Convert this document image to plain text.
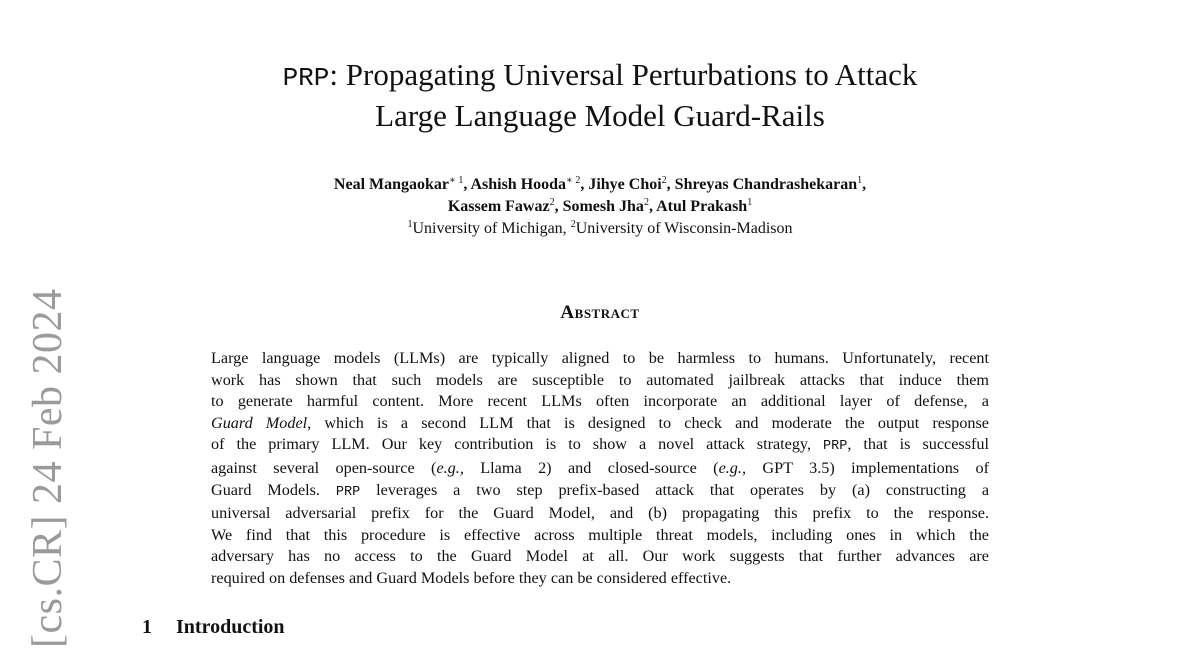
[cs.CR] 24 Feb 2024
PRP: Propagating Universal Perturbations to Attack
Large Language Model Guard-Rails
Neal Mangaokar$^{∗ 1}$, Ashish Hooda$^{∗ 2}$, Jihye Choi$^2$, Shreyas Chandrashekaran$^1$,
Kassem Fawaz$^2$, Somesh Jha$^2$, Atul Prakash$^1$
$^1$University of Michigan, $^2$University of Wisconsin-Madison
Abstract
Large language models (LLMs) are typically aligned to be harmless to humans. Unfortunately, recent
work has shown that such models are susceptible to automated jailbreak attacks that induce them
to generate harmful content. More recent LLMs often incorporate an additional layer of defense, a
Guard Model, which is a second LLM that is designed to check and moderate the output response
of the primary LLM. Our key contribution is to show a novel attack strategy, PRP, that is successful
against several open-source (e.g., Llama 2) and closed-source (e.g., GPT 3.5) implementations of
Guard Models. PRP leverages a two step prefix-based attack that operates by (a) constructing a
universal adversarial prefix for the Guard Model, and (b) propagating this prefix to the response.
We find that this procedure is effective across multiple threat models, including ones in which the
adversary has no access to the Guard Model at all. Our work suggests that further advances are
required on defenses and Guard Models before they can be considered effective.
1 Introduction
